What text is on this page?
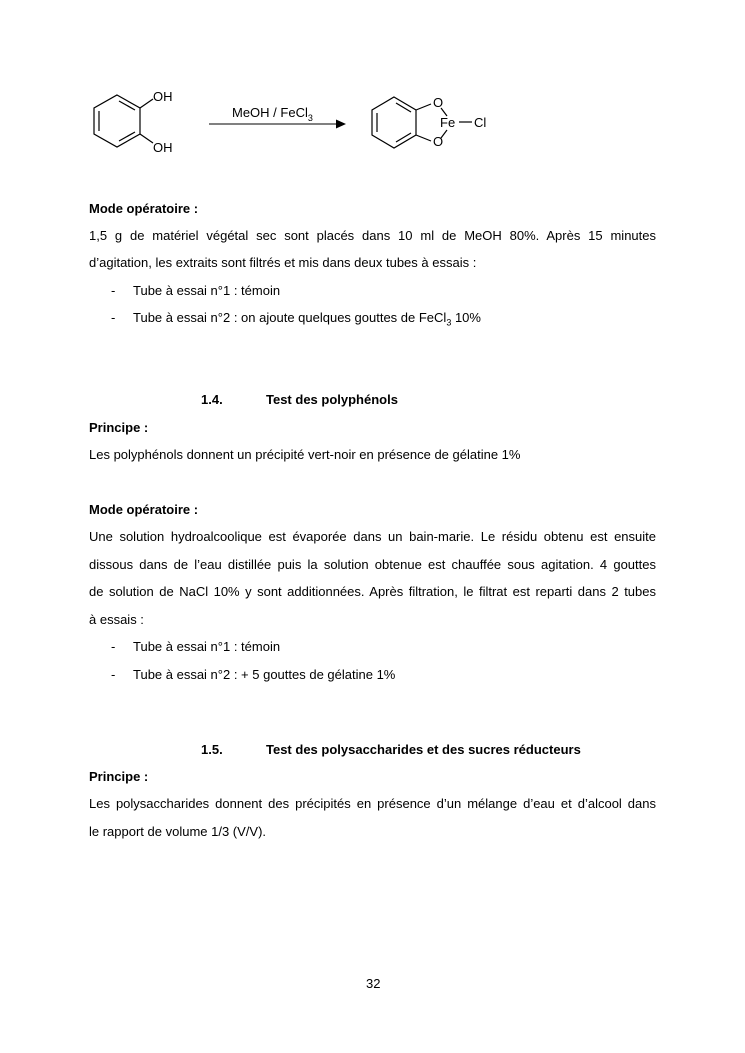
OH
OH
MeOH / FeCl$_3$
O
O
Fe Cl
Mode opératoire :
1,5 g de matériel végétal sec sont placés dans 10 ml de MeOH 80%. Après 15 minutes
d’agitation, les extraits sont filtrés et mis dans deux tubes à essais :
- Tube à essai n°1 : témoin
- Tube à essai n°2 : on ajoute quelques gouttes de FeCl$_3$ 10%
1.4.	Test des polyphénols
Principe :
Les polyphénols donnent un précipité vert-noir en présence de gélatine 1%
Mode opératoire :
Une solution hydroalcoolique est évaporée dans un bain-marie. Le résidu obtenu est ensuite
dissous dans de l’eau distillée puis la solution obtenue est chauffée sous agitation. 4 gouttes
de solution de NaCl 10% y sont additionnées. Après filtration, le filtrat est reparti dans 2 tubes
à essais :
- Tube à essai n°1 : témoin
- Tube à essai n°2 : + 5 gouttes de gélatine 1%
1.5.	Test des polysaccharides et des sucres réducteurs
Principe :
Les polysaccharides donnent des précipités en présence d’un mélange d’eau et d’alcool dans
le rapport de volume 1/3 (V/V).
32
